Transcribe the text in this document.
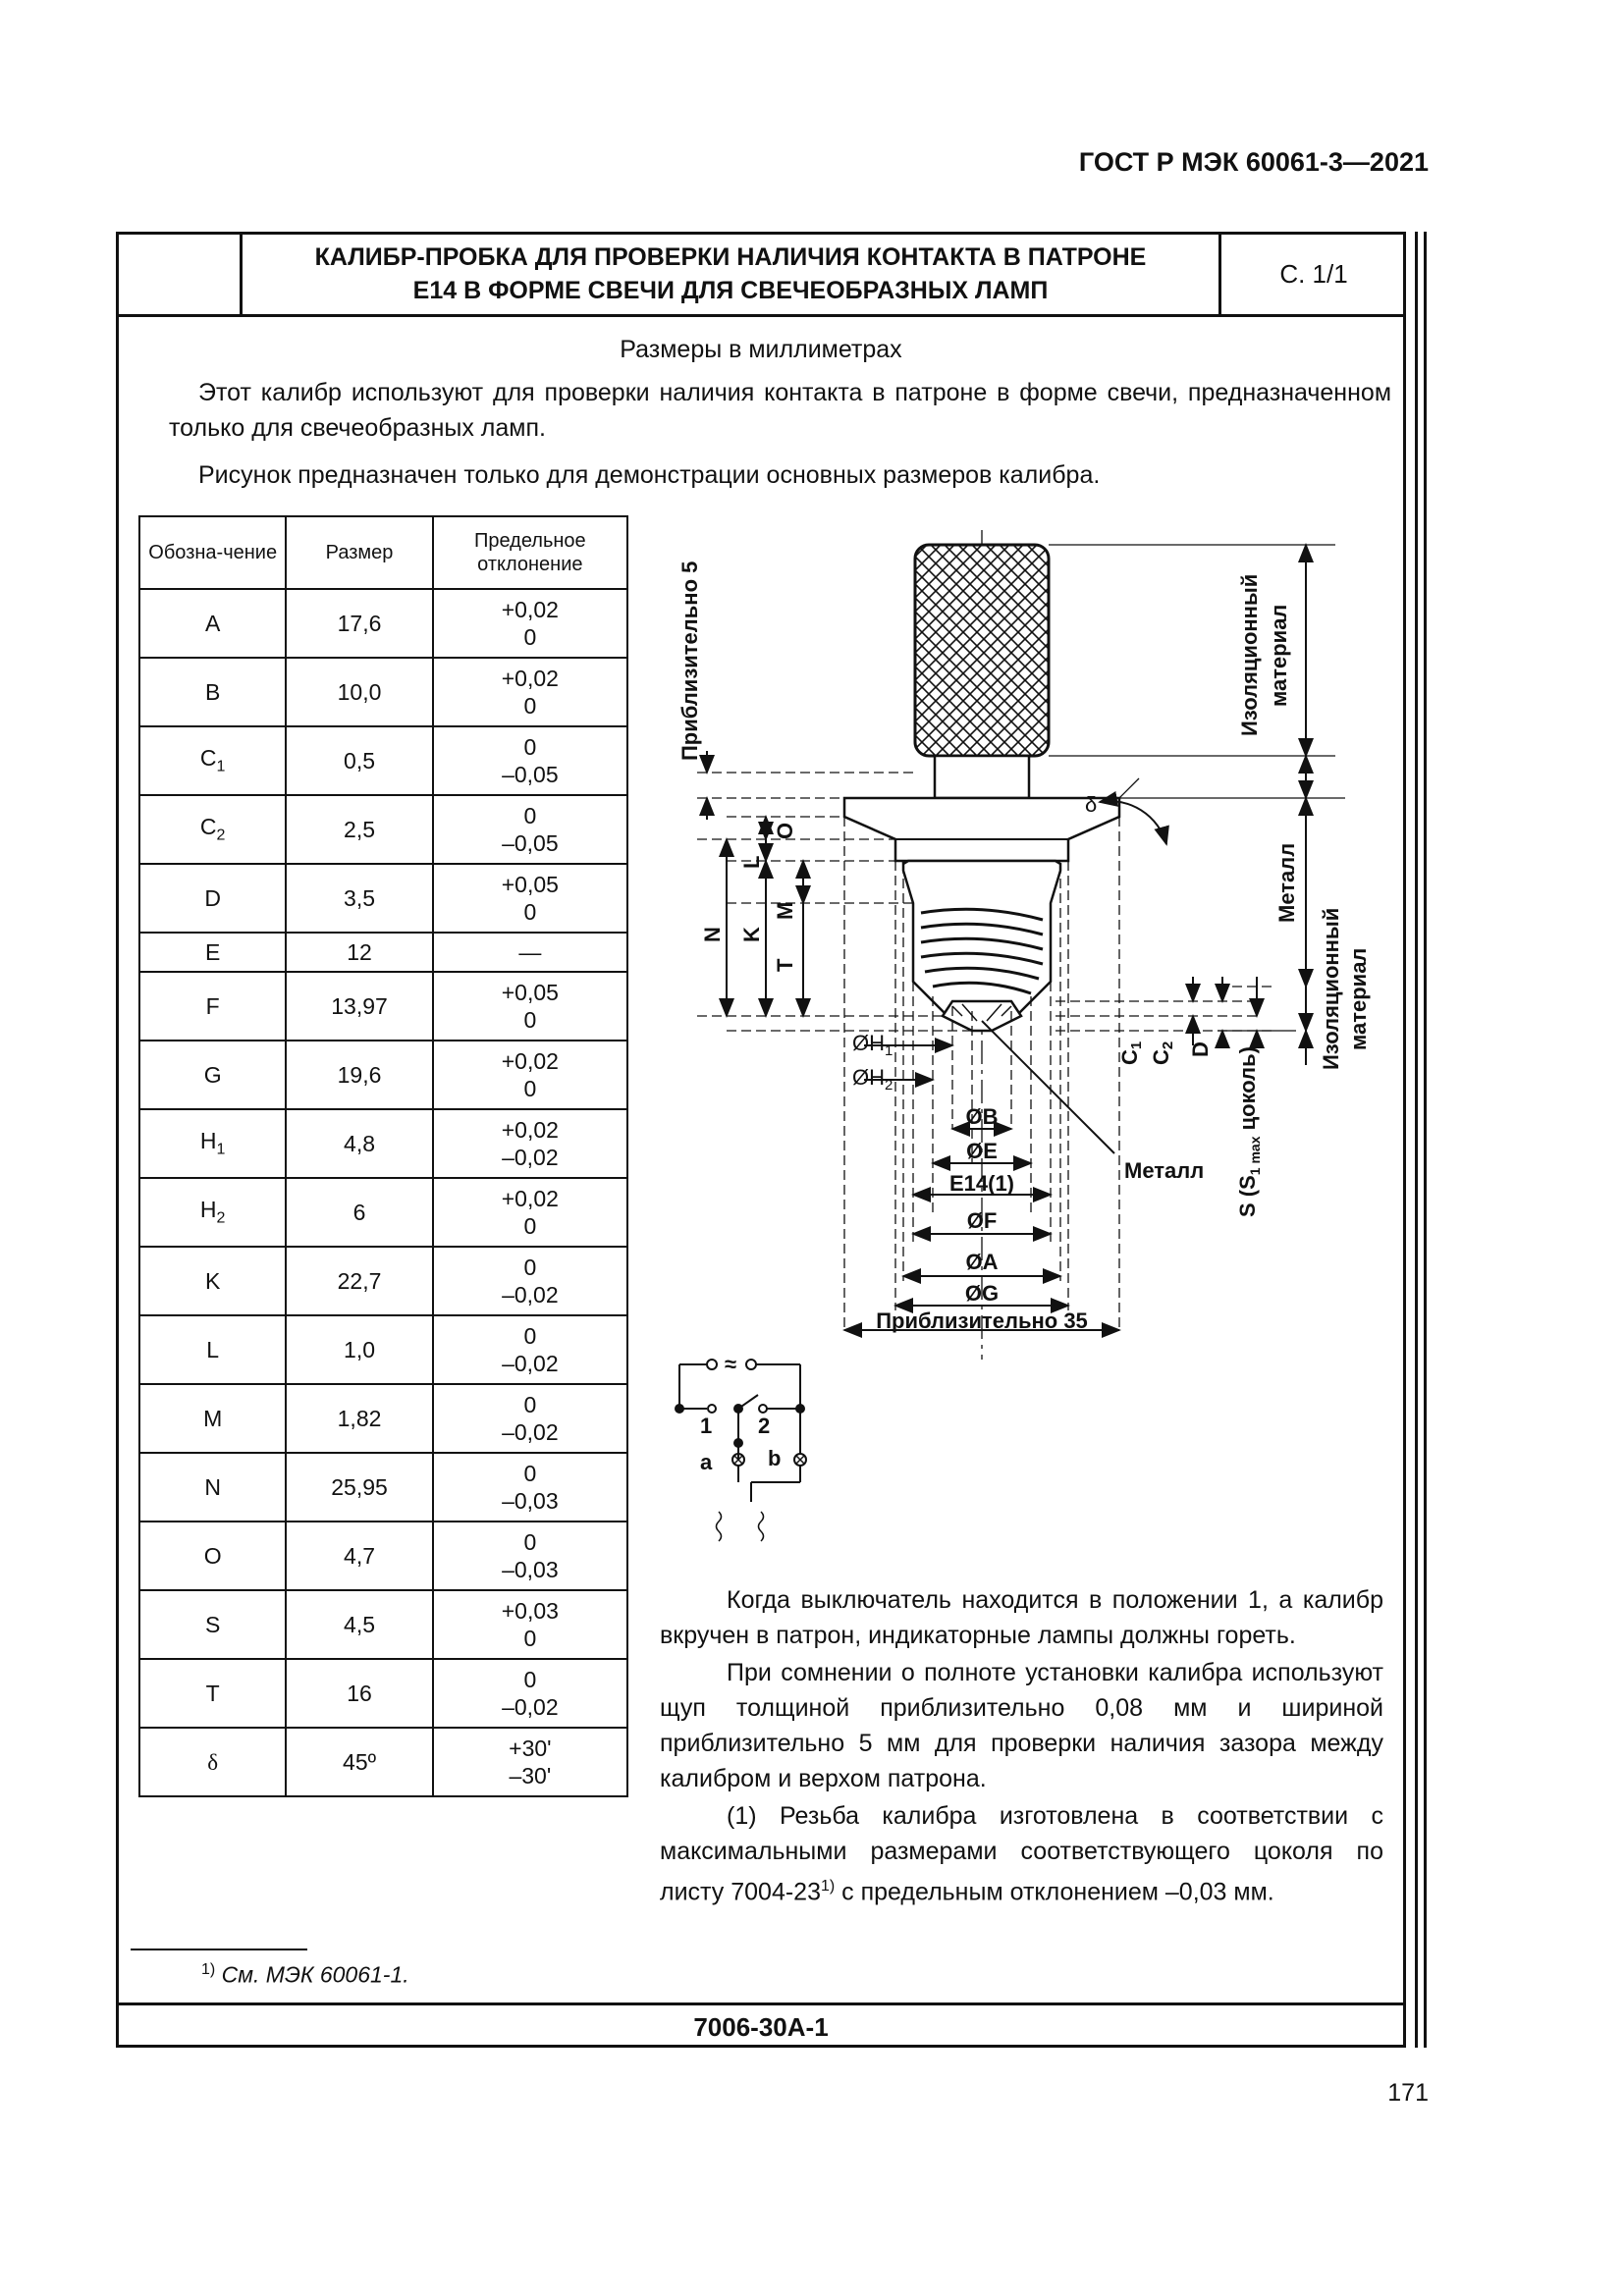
ГОСТ Р МЭК 60061-3—2021
КАЛИБР-ПРОБКА ДЛЯ ПРОВЕРКИ НАЛИЧИЯ КОНТАКТА В ПАТРОНЕ
Е14 В ФОРМЕ СВЕЧИ ДЛЯ СВЕЧЕОБРАЗНЫХ ЛАМП
С. 1/1
Размеры в миллиметрах
Этот калибр используют для проверки наличия контакта в патроне в форме свечи, предназначенном только для свечеобразных ламп.
Рисунок предназначен только для демонстрации основных размеров калибра.
Обозна-чение	Размер	Предельное отклонение
A	17,6	+0,02
0

B	10,0	+0,02
0

$C_1$	0,5	0
–0,05

$C_2$	2,5	0
–0,05

D	3,5	+0,05
0

E	12	—

F	13,97	+0,05
0

G	19,6	+0,02
0

$H_1$	4,8	+0,02
–0,02

$H_2$	6	+0,02
0

K	22,7	0
–0,02

L	1,0	0
–0,02

M	1,82	0
–0,02

N	25,95	0
–0,03

O	4,7	0
–0,03

S	4,5	+0,03
0

T	16	0
–0,02

δ	45º	+30'
–30'
Приблизительно 5	Изоляционный материал
Металл
Изоляционный материал
δ
O
L
M
N K
T
C1
C2 D
S ($S_{1 max}$ цоколь)
$ØH_1$
$ØH_2$
Металл
ØB
ØE
E14(1)
ØF
ØA
ØG
Приблизительно 35
≈
1 2
a	b
Когда выключатель находится в положении 1, а калибр вкручен в патрон, индикаторные лампы должны гореть.
При сомнении о полноте установки калибра используют щуп толщиной приблизительно 0,08 мм и шириной приблизительно 5 мм для проверки наличия зазора между калибром и верхом патрона.
(1) Резьба калибра изготовлена в соответствии с максимальными размерами соответствующего цоколя по листу 7004-23$^{1)}$ с предельным отклонением –0,03 мм.
$^{1)}$ См. МЭК 60061-1.
7006-30А-1
171
